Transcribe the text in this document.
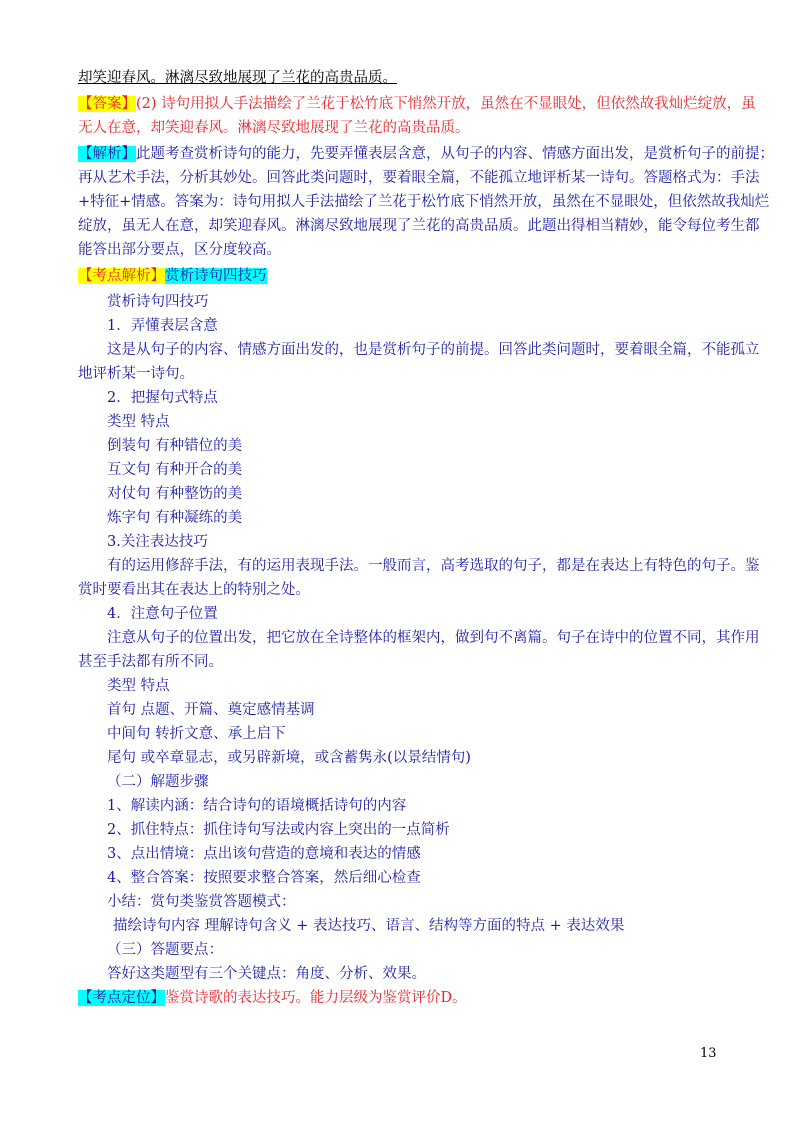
却笑迎春风。淋漓尽致地展现了兰花的高贵品质。
【答案】(2) 诗句用拟人手法描绘了兰花于松竹底下悄然开放，虽然在不显眼处，但依然故我灿烂绽放，虽
无人在意，却笑迎春风。淋漓尽致地展现了兰花的高贵品质。
【解析】此题考查赏析诗句的能力，先要弄懂表层含意，从句子的内容、情感方面出发，是赏析句子的前提；
再从艺术手法，分析其妙处。回答此类问题时，要着眼全篇，不能孤立地评析某一诗句。答题格式为：手法
+特征+情感。答案为：诗句用拟人手法描绘了兰花于松竹底下悄然开放，虽然在不显眼处，但依然故我灿烂
绽放，虽无人在意，却笑迎春风。淋漓尽致地展现了兰花的高贵品质。此题出得相当精妙，能令每位考生都
能答出部分要点，区分度较高。
【考点解析】赏析诗句四技巧
赏析诗句四技巧
1．弄懂表层含意
这是从句子的内容、情感方面出发的，也是赏析句子的前提。回答此类问题时，要着眼全篇，不能孤立
地评析某一诗句。
2．把握句式特点
类型 特点
倒装句 有种错位的美
互文句 有种开合的美
对仗句 有种整饬的美
炼字句 有种凝练的美
3.关注表达技巧
有的运用修辞手法，有的运用表现手法。一般而言，高考选取的句子，都是在表达上有特色的句子。鉴
赏时要看出其在表达上的特别之处。
4．注意句子位置
注意从句子的位置出发，把它放在全诗整体的框架内，做到句不离篇。句子在诗中的位置不同，其作用
甚至手法都有所不同。
类型 特点
首句 点题、开篇、奠定感情基调
中间句 转折文意、承上启下
尾句 或卒章显志，或另辟新境，或含蓄隽永(以景结情句)
（二）解题步骤
1、解读内涵：结合诗句的语境概括诗句的内容
2、抓住特点：抓住诗句写法或内容上突出的一点简析
3、点出情境：点出该句营造的意境和表达的情感
4、整合答案：按照要求整合答案，然后细心检查
小结：赏句类鉴赏答题模式：
描绘诗句内容 理解诗句含义 + 表达技巧、语言、结构等方面的特点 + 表达效果
（三）答题要点：
答好这类题型有三个关键点：角度、分析、效果。
【考点定位】鉴赏诗歌的表达技巧。能力层级为鉴赏评价D。
13
